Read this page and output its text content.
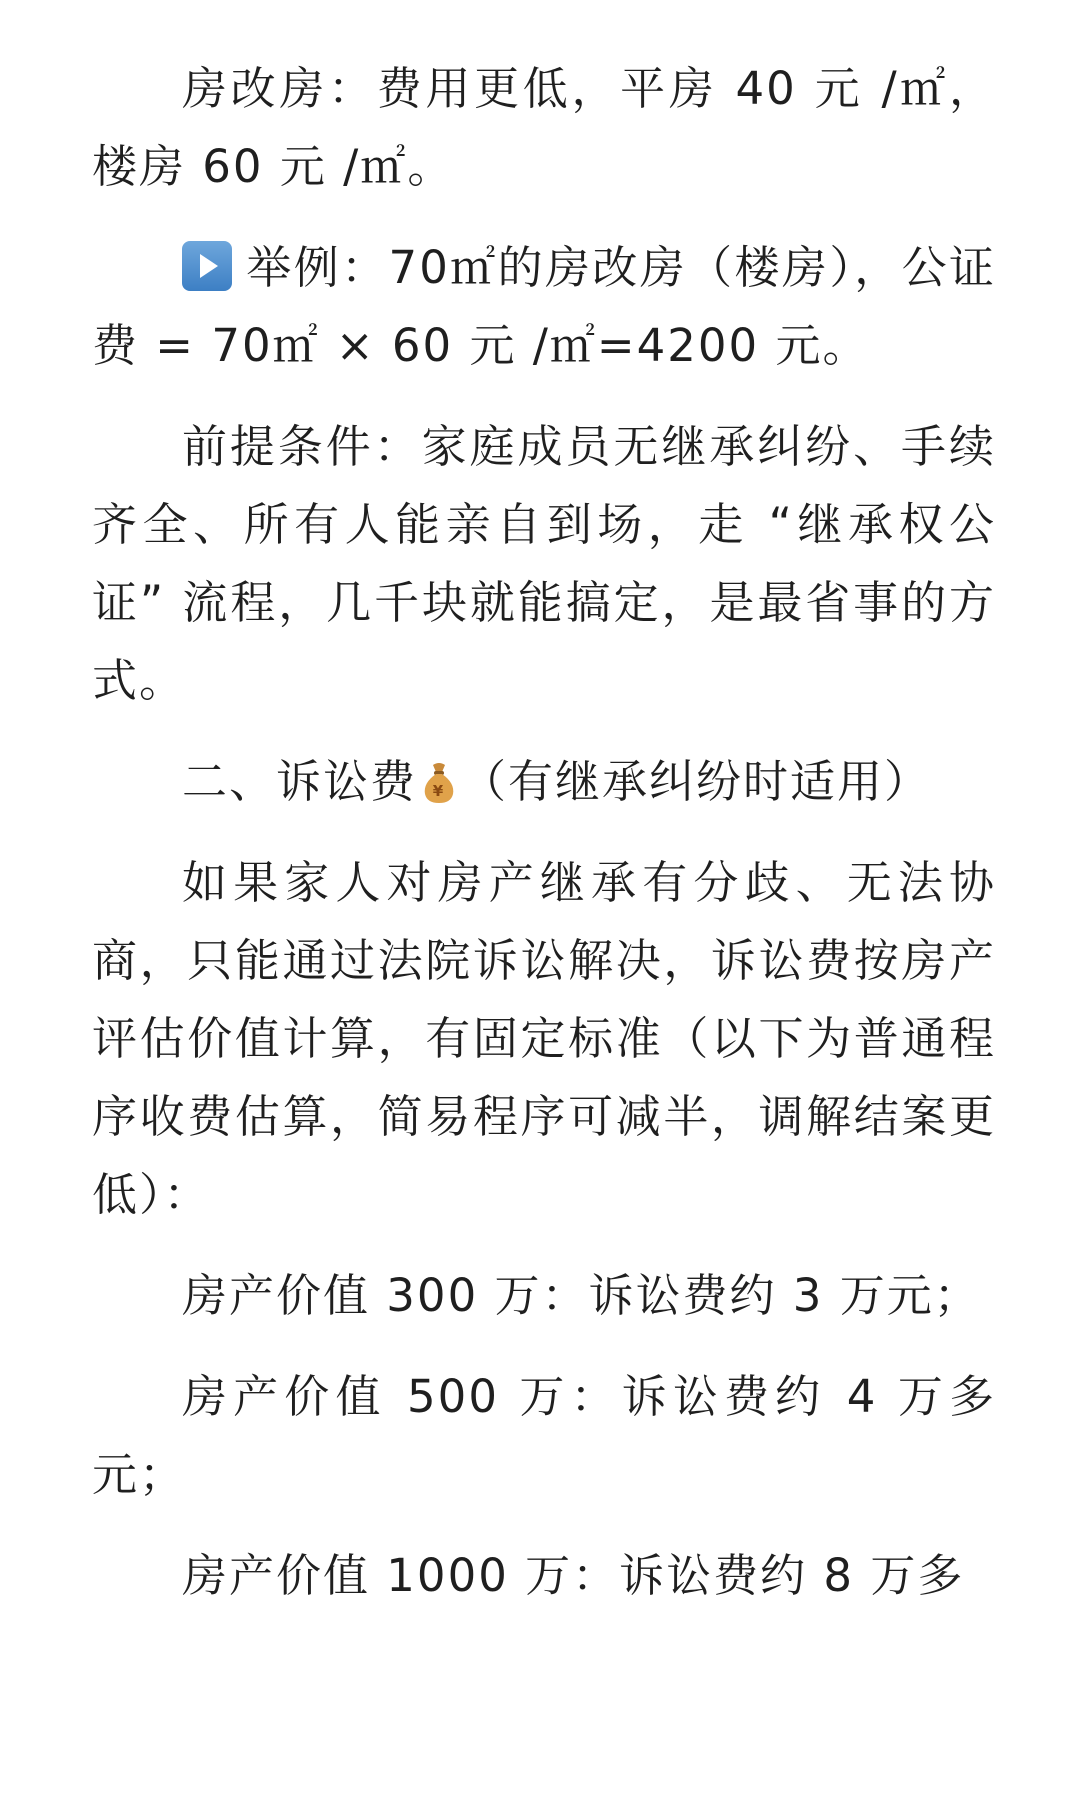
房改房：费用更低，平房 40 元 /㎡，楼房 60 元 /㎡。

举例：70㎡的房改房（楼房），公证费 = 70㎡ × 60 元 /㎡=4200 元。

前提条件：家庭成员无继承纠纷、手续齐全、所有人能亲自到场，走 “继承权公证” 流程，几千块就能搞定，是最省事的方式。

二、诉讼费 ¥ （有继承纠纷时适用）

如果家人对房产继承有分歧、无法协商，只能通过法院诉讼解决，诉讼费按房产评估价值计算，有固定标准（以下为普通程序收费估算，简易程序可减半，调解结案更低）：

房产价值 300 万：诉讼费约 3 万元；

房产价值 500 万：诉讼费约 4 万多元；

房产价值 1000 万：诉讼费约 8 万多
